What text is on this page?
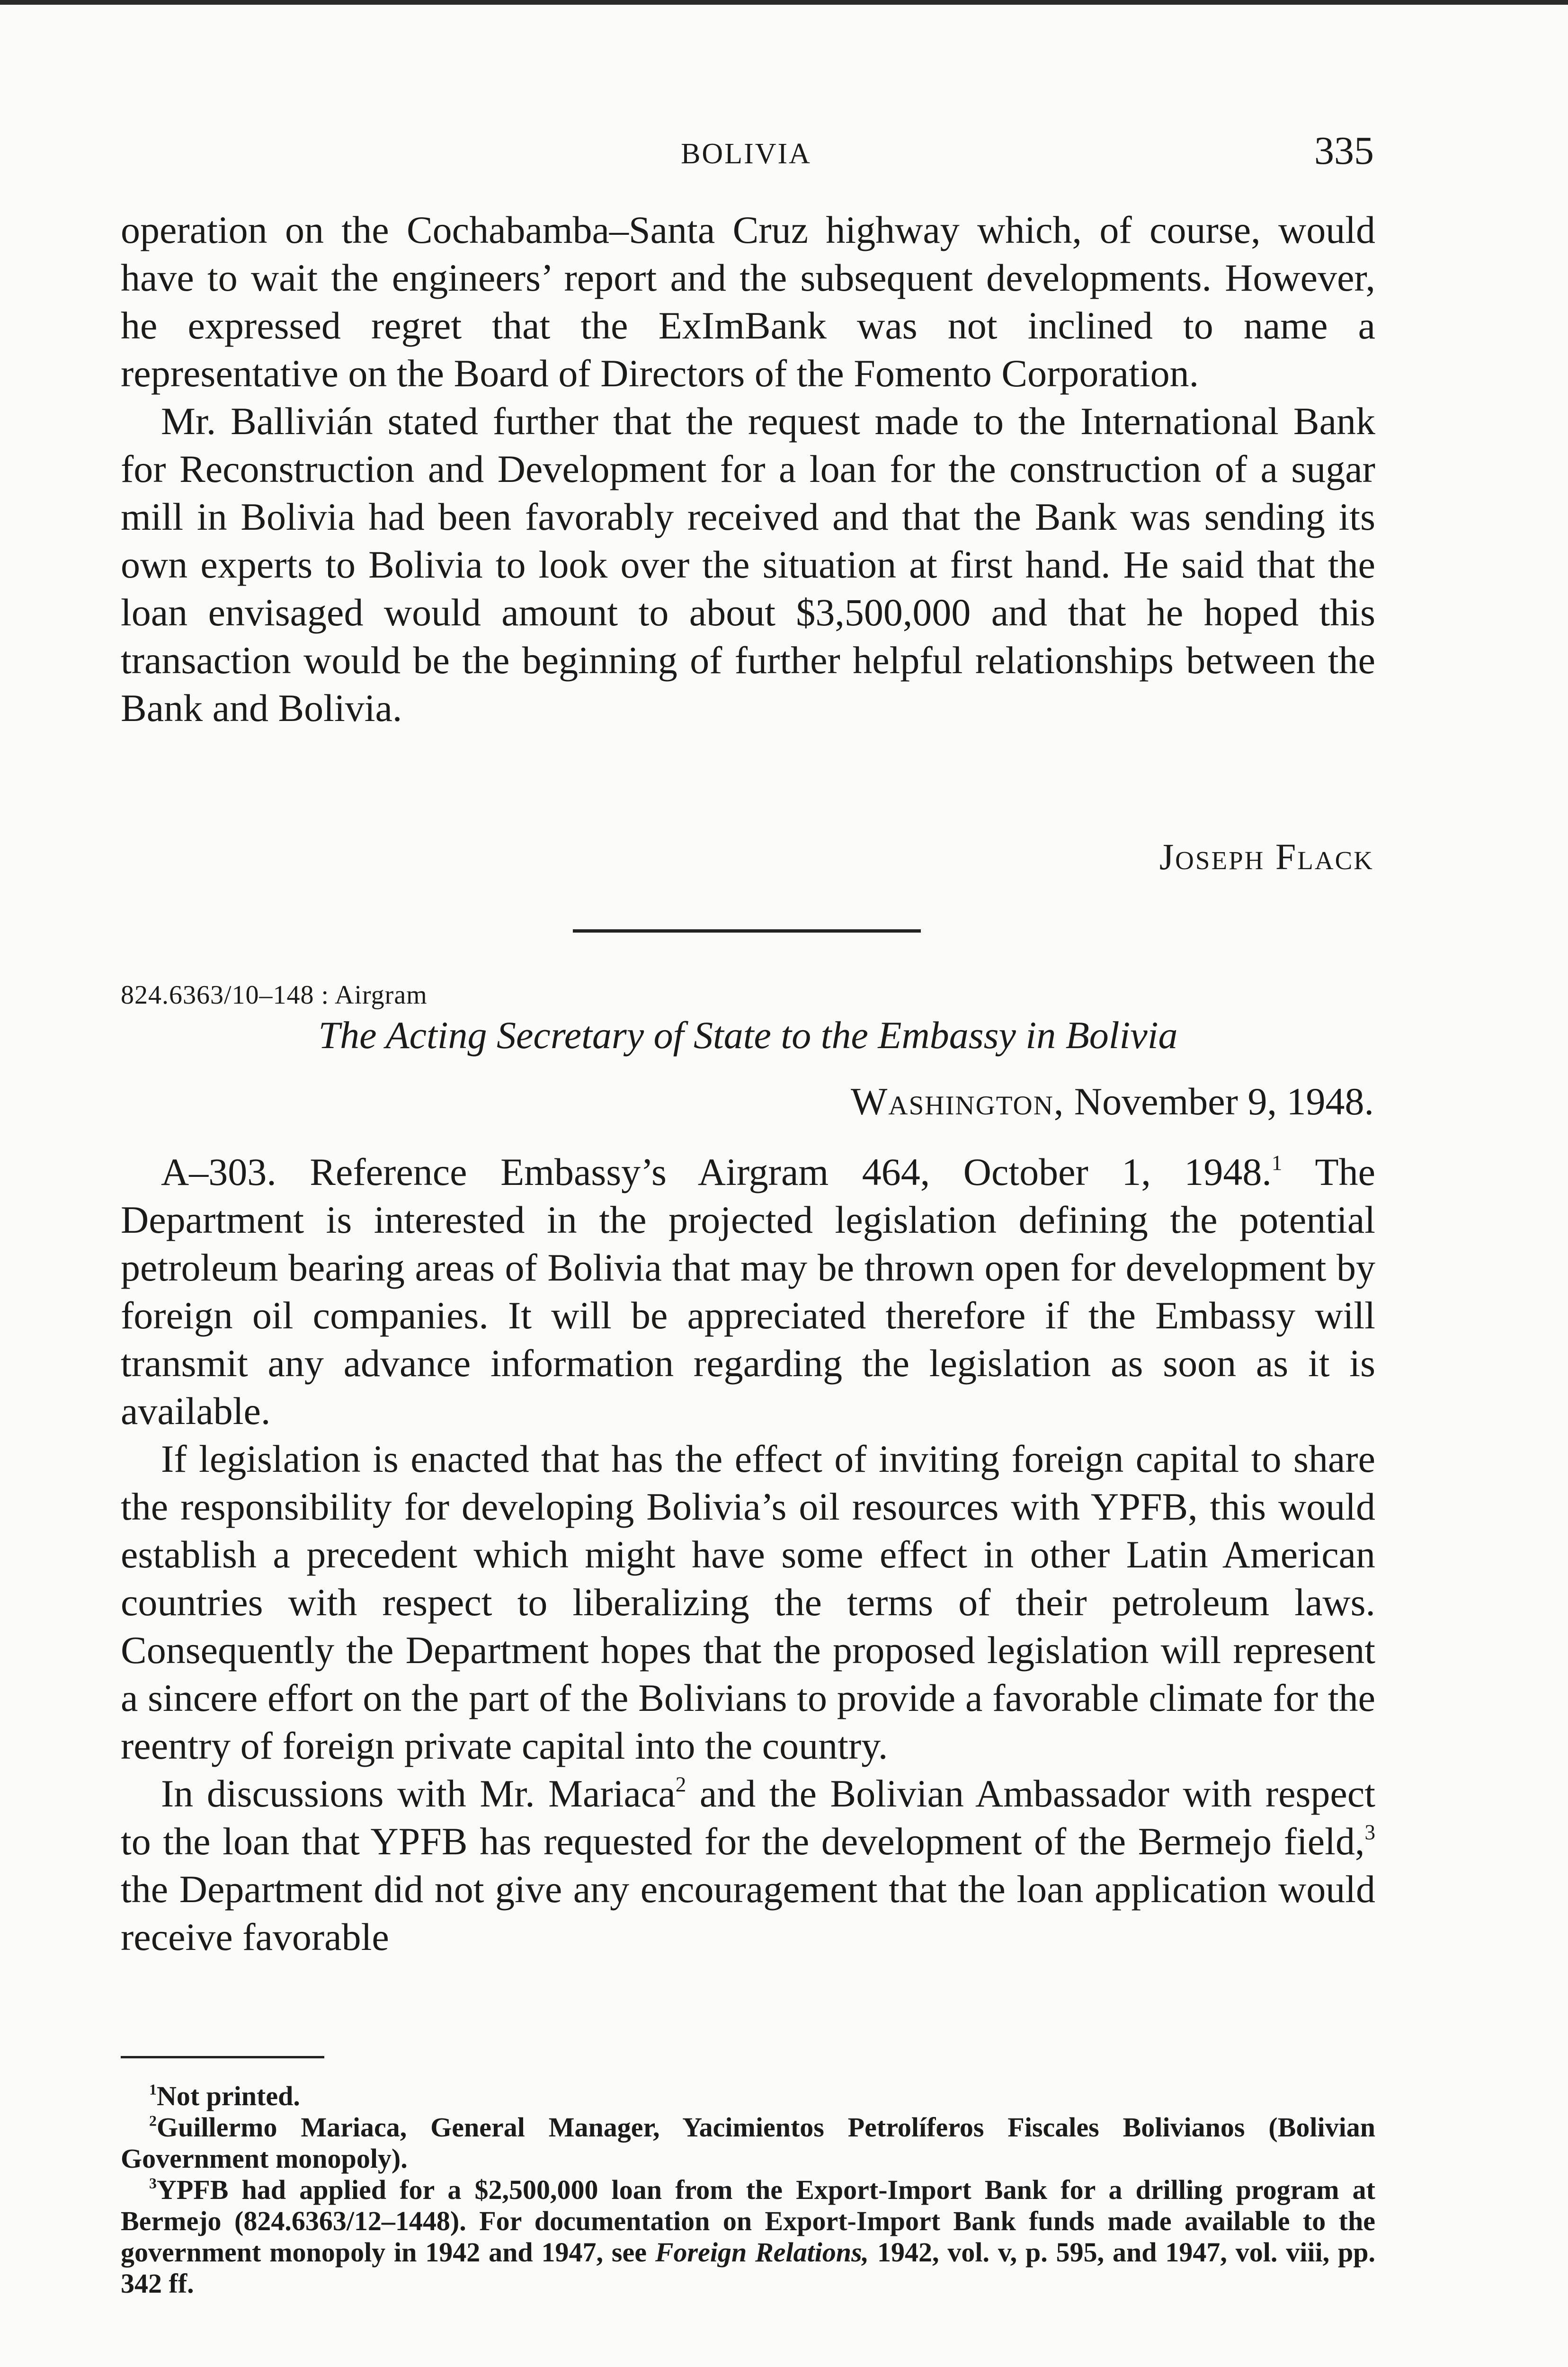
BOLIVIA	335

operation on the Cochabamba–Santa Cruz highway which, of course, would have to wait the engineers’ report and the subsequent developments. However, he expressed regret that the ExImBank was not inclined to name a representative on the Board of Directors of the Fomento Corporation.

Mr. Ballivián stated further that the request made to the International Bank for Reconstruction and Development for a loan for the construction of a sugar mill in Bolivia had been favorably received and that the Bank was sending its own experts to Bolivia to look over the situation at first hand. He said that the loan envisaged would amount to about $3,500,000 and that he hoped this transaction would be the beginning of further helpful relationships between the Bank and Bolivia.

Joseph Flack
824.6363/10–148 : Airgram
The Acting Secretary of State to the Embassy in Bolivia
Washington, November 9, 1948.

A–303. Reference Embassy’s Airgram 464, October 1, 1948.$^1$ The Department is interested in the projected legislation defining the potential petroleum bearing areas of Bolivia that may be thrown open for development by foreign oil companies. It will be appreciated therefore if the Embassy will transmit any advance information regarding the legislation as soon as it is available.

If legislation is enacted that has the effect of inviting foreign capital to share the responsibility for developing Bolivia’s oil resources with YPFB, this would establish a precedent which might have some effect in other Latin American countries with respect to liberalizing the terms of their petroleum laws. Consequently the Department hopes that the proposed legislation will represent a sincere effort on the part of the Bolivians to provide a favorable climate for the reentry of foreign private capital into the country.

In discussions with Mr. Mariaca$^2$ and the Bolivian Ambassador with respect to the loan that YPFB has requested for the development of the Bermejo field,$^3$ the Department did not give any encouragement that the loan application would receive favorable

$^1$Not printed.

$^2$Guillermo Mariaca, General Manager, Yacimientos Petrolíferos Fiscales Bolivianos (Bolivian Government monopoly).

$^3$YPFB had applied for a $2,500,000 loan from the Export-Import Bank for a drilling program at Bermejo (824.6363/12–1448). For documentation on Export-Import Bank funds made available to the government monopoly in 1942 and 1947, see Foreign Relations, 1942, vol. v, p. 595, and 1947, vol. viii, pp. 342 ff.
